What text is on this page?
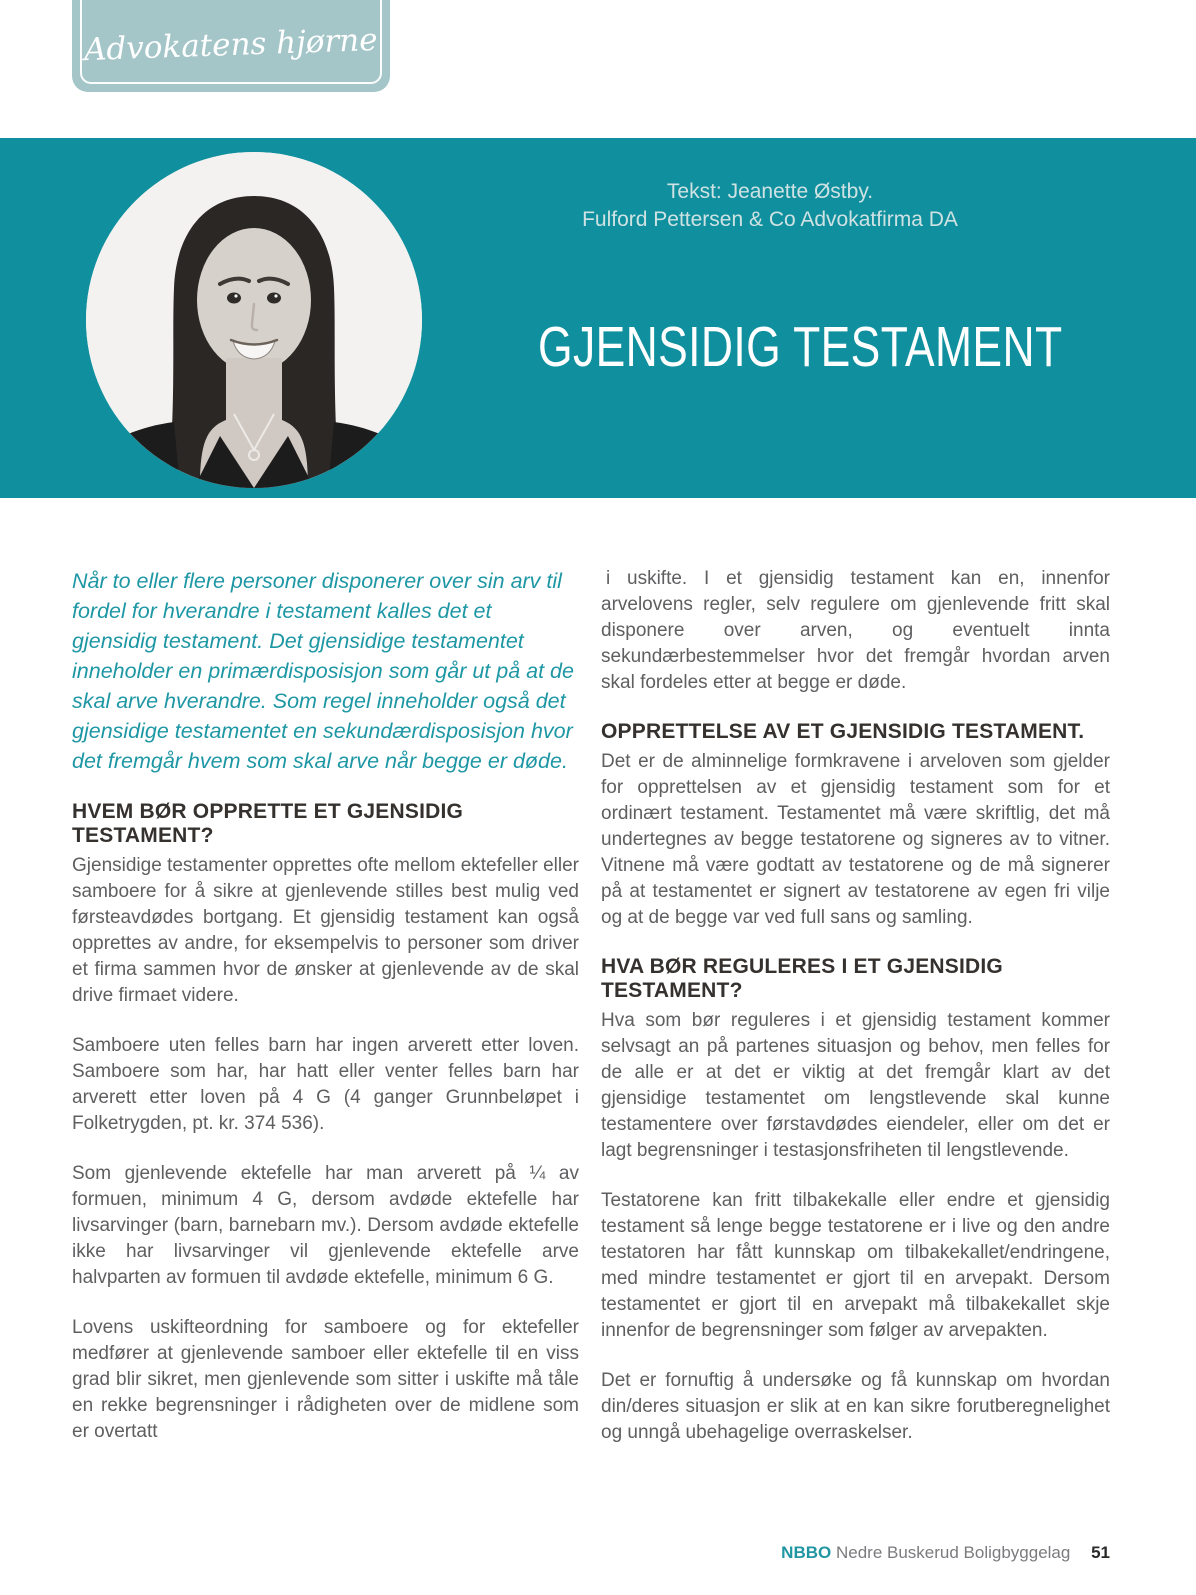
Advokatens hjørne
Tekst: Jeanette Østby.
Fulford Pettersen & Co Advokatfirma DA
GJENSIDIG TESTAMENT

Når to eller flere personer disponerer over sin arv til fordel for hverandre i testament kalles det et gjensidig testament. Det gjensidige testamentet inneholder en primærdisposisjon som går ut på at de skal arve hverandre. Som regel inneholder også det gjensidige testamentet en sekundærdisposisjon hvor det fremgår hvem som skal arve når begge er døde.

HVEM BØR OPPRETTE ET GJENSIDIG TESTAMENT?

Gjensidige testamenter opprettes ofte mellom ektefeller eller samboere for å sikre at gjenlevende stilles best mulig ved førsteavdødes bortgang. Et gjensidig testament kan også opprettes av andre, for eksempelvis to personer som driver et firma sammen hvor de ønsker at gjenlevende av de skal drive firmaet videre.

Samboere uten felles barn har ingen arverett etter loven. Samboere som har, har hatt eller venter felles barn har arverett etter loven på 4 G (4 ganger Grunnbeløpet i Folketrygden, pt. kr. 374 536).

Som gjenlevende ektefelle har man arverett på ¼ av formuen, minimum 4 G, dersom avdøde ektefelle har livsarvinger (barn, barnebarn mv.). Dersom avdøde ektefelle ikke har livsarvinger vil gjenlevende ektefelle arve halvparten av formuen til avdøde ektefelle, minimum 6 G.

Lovens uskifteordning for samboere og for ektefeller medfører at gjenlevende samboer eller ektefelle til en viss grad blir sikret, men gjenlevende som sitter i uskifte må tåle en rekke begrensninger i rådigheten over de midlene som er overtatt

i uskifte. I et gjensidig testament kan en, innenfor arvelovens regler, selv regulere om gjenlevende fritt skal disponere over arven, og eventuelt innta sekundærbestemmelser hvor det fremgår hvordan arven skal fordeles etter at begge er døde.

OPPRETTELSE AV ET GJENSIDIG TESTAMENT.

Det er de alminnelige formkravene i arveloven som gjelder for opprettelsen av et gjensidig testament som for et ordinært testament. Testamentet må være skriftlig, det må undertegnes av begge testatorene og signeres av to vitner. Vitnene må være godtatt av testatorene og de må signerer på at testamentet er signert av testatorene av egen fri vilje og at de begge var ved full sans og samling.

HVA BØR REGULERES I ET GJENSIDIG TESTAMENT?

Hva som bør reguleres i et gjensidig testament kommer selvsagt an på partenes situasjon og behov, men felles for de alle er at det er viktig at det fremgår klart av det gjensidige testamentet om lengstlevende skal kunne testamentere over førstavdødes eiendeler, eller om det er lagt begrensninger i testasjonsfriheten til lengstlevende.

Testatorene kan fritt tilbakekalle eller endre et gjensidig testament så lenge begge testatorene er i live og den andre testatoren har fått kunnskap om tilbakekallet/endringene, med mindre testamentet er gjort til en arvepakt. Dersom testamentet er gjort til en arvepakt må tilbakekallet skje innenfor de begrensninger som følger av arvepakten.

Det er fornuftig å undersøke og få kunnskap om hvordan din/deres situasjon er slik at en kan sikre forutberegnelighet og unngå ubehagelige overraskelser.

NBBO Nedre Buskerud Boligbyggelag 51
